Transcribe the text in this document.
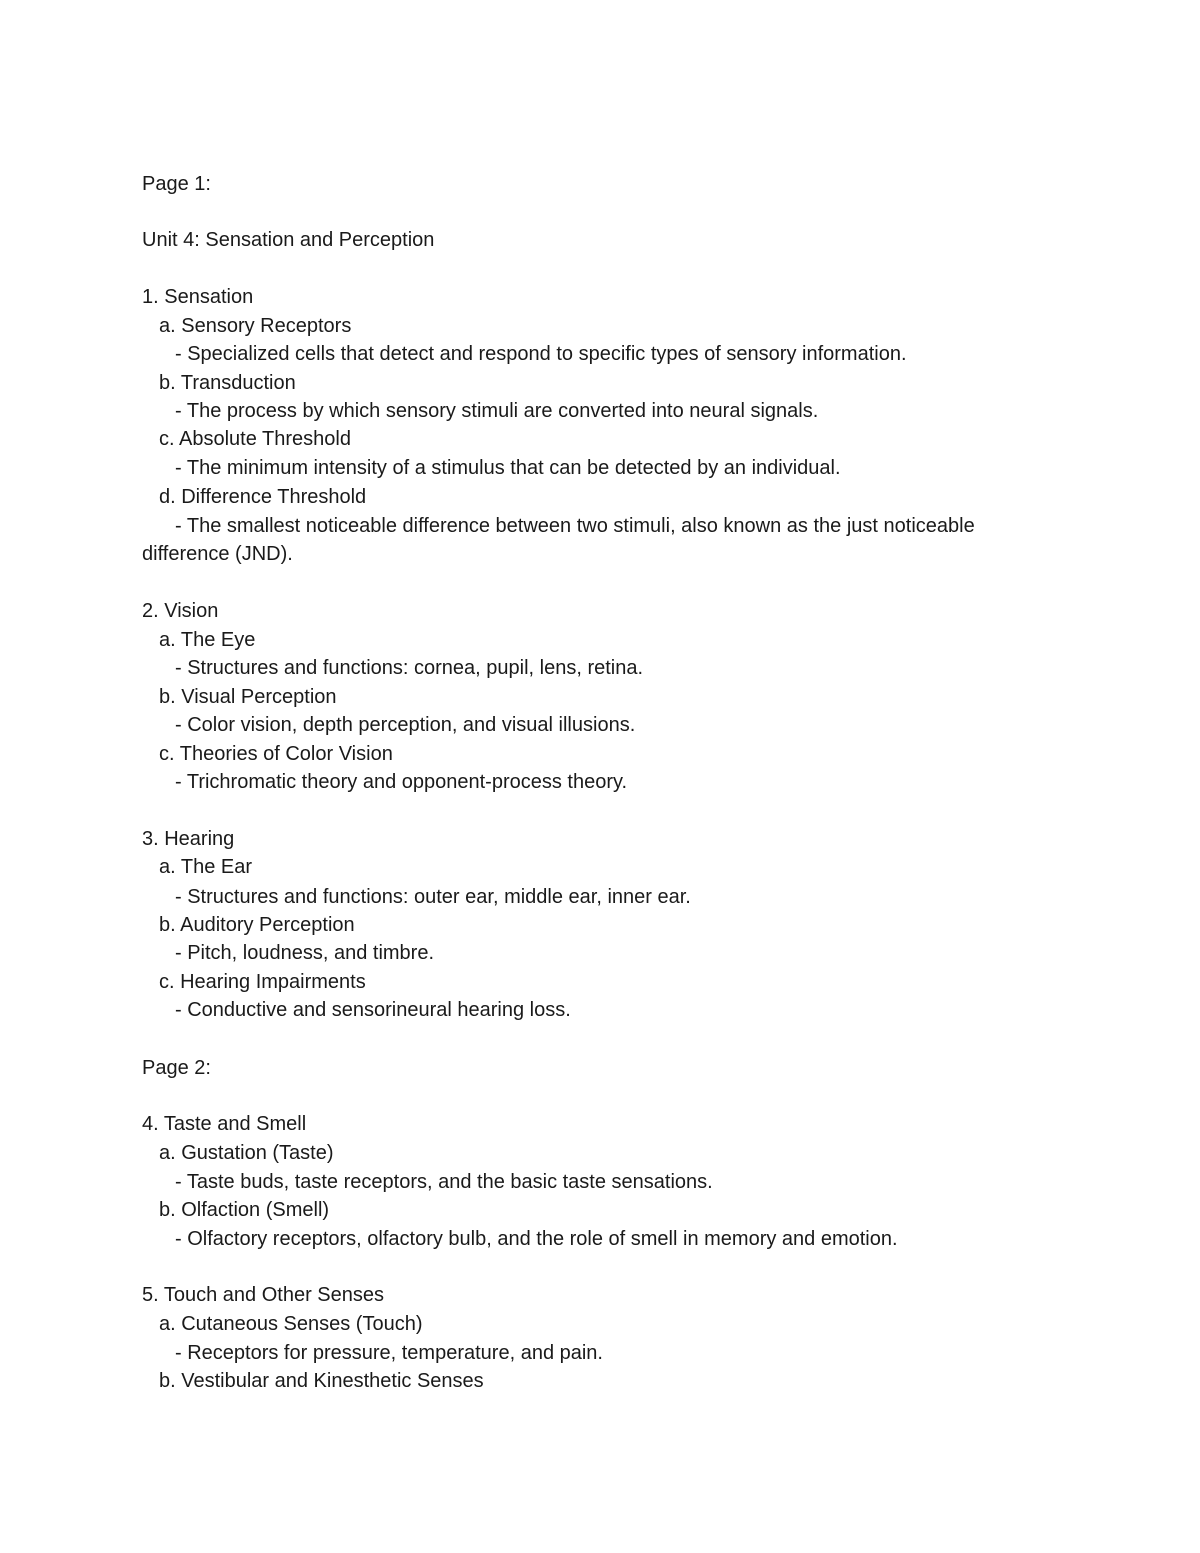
Page 1:

Unit 4: Sensation and Perception

1. Sensation

a. Sensory Receptors

- Specialized cells that detect and respond to specific types of sensory information.

b. Transduction

- The process by which sensory stimuli are converted into neural signals.

c. Absolute Threshold

- The minimum intensity of a stimulus that can be detected by an individual.

d. Difference Threshold

- The smallest noticeable difference between two stimuli, also known as the just noticeable

difference (JND).

2. Vision

a. The Eye

- Structures and functions: cornea, pupil, lens, retina.

b. Visual Perception

- Color vision, depth perception, and visual illusions.

c. Theories of Color Vision

- Trichromatic theory and opponent-process theory.

3. Hearing

a. The Ear

- Structures and functions: outer ear, middle ear, inner ear.

b. Auditory Perception

- Pitch, loudness, and timbre.

c. Hearing Impairments

- Conductive and sensorineural hearing loss.

Page 2:

4. Taste and Smell

a. Gustation (Taste)

- Taste buds, taste receptors, and the basic taste sensations.

b. Olfaction (Smell)

- Olfactory receptors, olfactory bulb, and the role of smell in memory and emotion.

5. Touch and Other Senses

a. Cutaneous Senses (Touch)

- Receptors for pressure, temperature, and pain.

b. Vestibular and Kinesthetic Senses
